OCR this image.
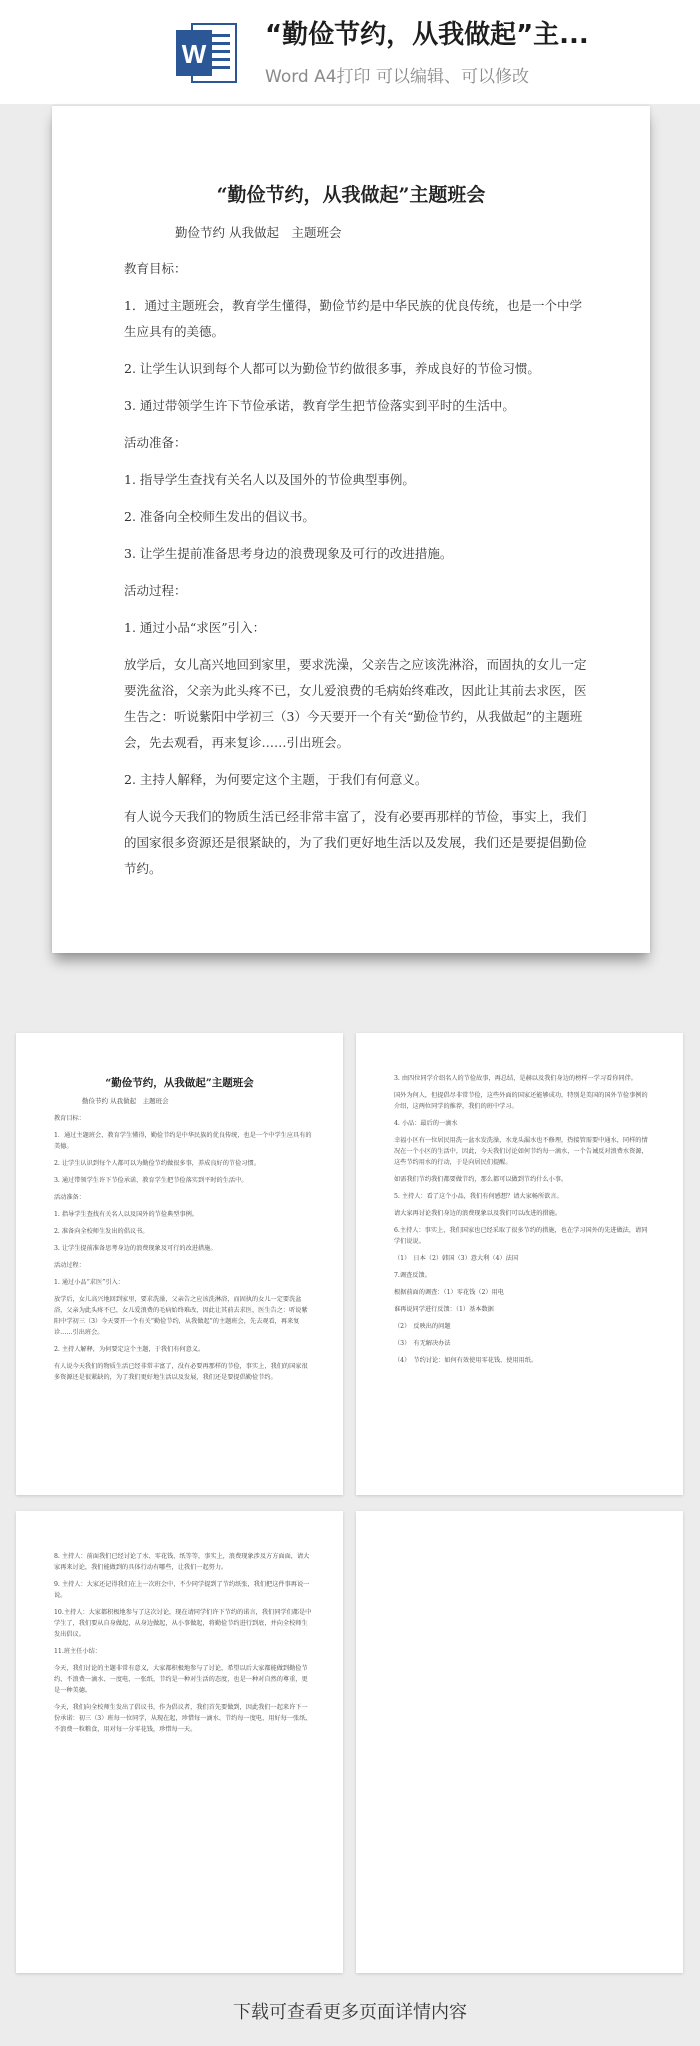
W
“勤俭节约，从我做起”主...
Word A4打印 可以编辑、可以修改
“勤俭节约，从我做起”主题班会
勤俭节约 从我做起　主题班会

教育目标：

1．通过主题班会，教育学生懂得，勤俭节约是中华民族的优良传统，也是一个中学生应具有的美德。

2. 让学生认识到每个人都可以为勤俭节约做很多事，养成良好的节俭习惯。

3. 通过带领学生许下节俭承诺，教育学生把节俭落实到平时的生活中。

活动准备：

1. 指导学生查找有关名人以及国外的节俭典型事例。

2. 准备向全校师生发出的倡议书。

3. 让学生提前准备思考身边的浪费现象及可行的改进措施。

活动过程：

1. 通过小品“求医”引入：

放学后，女儿高兴地回到家里，要求洗澡，父亲告之应该洗淋浴，而固执的女儿一定要洗盆浴，父亲为此头疼不已，女儿爱浪费的毛病始终难改，因此让其前去求医，医生告之：听说紫阳中学初三（3）今天要开一个有关“勤俭节约，从我做起”的主题班会，先去观看，再来复诊……引出班会。

2. 主持人解释，为何要定这个主题，于我们有何意义。

有人说今天我们的物质生活已经非常丰富了，没有必要再那样的节俭，事实上，我们的国家很多资源还是很紧缺的，为了我们更好地生活以及发展，我们还是要提倡勤俭节约。

“勤俭节约，从我做起”主题班会
勤俭节约 从我做起　主题班会

教育目标：

1．通过主题班会，教育学生懂得，勤俭节约是中华民族的优良传统，也是一个中学生应具有的美德。

2. 让学生认识到每个人都可以为勤俭节约做很多事，养成良好的节俭习惯。

3. 通过带领学生许下节俭承诺，教育学生把节俭落实到平时的生活中。

活动准备：

1. 指导学生查找有关名人以及国外的节俭典型事例。

2. 准备向全校师生发出的倡议书。

3. 让学生提前准备思考身边的浪费现象及可行的改进措施。

活动过程：

1. 通过小品“求医”引入：

放学后，女儿高兴地回到家里，要求洗澡，父亲告之应该洗淋浴，而固执的女儿一定要洗盆浴，父亲为此头疼不已，女儿爱浪费的毛病始终难改，因此让其前去求医，医生告之：听说紫阳中学初三（3）今天要开一个有关“勤俭节约，从我做起”的主题班会，先去观看，再来复诊……引出班会。

2. 主持人解释，为何要定这个主题，于我们有何意义。

有人说今天我们的物质生活已经非常丰富了，没有必要再那样的节俭，事实上，我们的国家很多资源还是很紧缺的，为了我们更好地生活以及发展，我们还是要提倡勤俭节约。

3. 由四位同学介绍名人的节俭故事，再总结，是赫以及我们身边的榜样一学习看你同伴。

国外为何人，但提倡尽非常节俭，这些外面的国家还能够成功，特别是美国的国外节俭事例的介绍，这两位同学的推荐，我们的班中学习。

4. 小品：最后的一滴水

幸福小区有一位居民用洗一盆水发洗澡，水龙头漏水也不修理，热接管需要中通水，同样的情况在一个小区的生活中，因此，今天我们讨论如何节约每一滴水，一个告诫反对浪费水资源，这些节约用水的行动，于是向居民们提醒。

如需我们节约我们都要做节约，那么都可以做到节约什么小事。

5. 主持人：看了这个小品，我们有何感想？请大家畅所欲言。

请大家再讨论我们身边的浪费现象以及我们可以改进的措施。

6.主持人：事实上，我们国家也已经采取了很多节约的措施，也在学习国外的先进做法，请同学们说说。

（1）　日本（2）韩国（3）意大利（4）法国

7.调查反馈。

根据前面的调查：（1）零花钱（2）用电

谁再说同学进行反馈：（1）基本数据

（2）　反映出的问题

（3）　有无解决办法

（4）　节约讨论：如何有效使用零花钱、使用用纸。

8. 主持人：前面我们已经讨论了水、零花钱、纸等等，事实上，浪费现象涉及方方面面，请大家再来讨论，我们能做到的具体行动有哪些，让我们一起努力。

9. 主持人：大家还记得我们在上一次班会中，不少同学提到了节约纸张，我们把这件事再说一说。

10.主持人：大家都积极地参与了这次讨论，现在请同学们许下节约的诺言，我们同学们都是中学生了，我们要从自身做起，从身边做起，从小事做起，将勤俭节约进行到底，并向全校师生发出倡议。

11.班主任小结：

今天，我们讨论的主题非常有意义，大家都积极地参与了讨论，希望以后大家都能做到勤俭节约，不浪费一滴水、一度电、一张纸，节约是一种对生活的态度，也是一种对自然的尊重，更是一种美德。

今天，我们向全校师生发出了倡议书，作为倡议者，我们首先要做到，因此我们一起来许下一份承诺：初三（3）班每一位同学，从现在起，珍惜每一滴水、节约每一度电、用好每一张纸、不浪费一粒粮食，用对每一分零花钱，珍惜每一天。

下载可查看更多页面详情内容
